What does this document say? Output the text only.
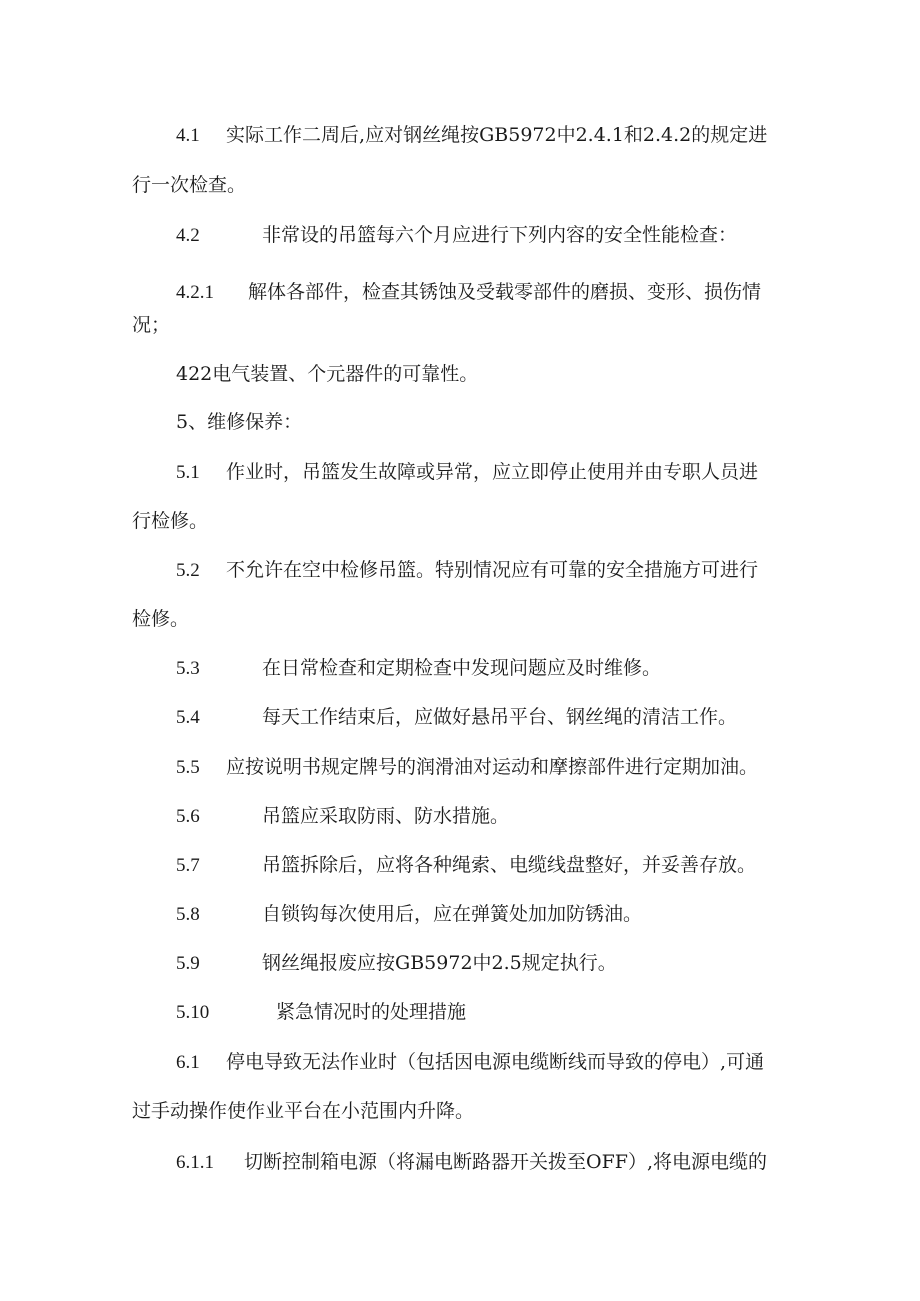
4.1 实际工作二周后,应对钢丝绳按GB5972中2.4.1和2.4.2的规定进
行一次检查。
4.2	非常设的吊篮每六个月应进行下列内容的安全性能检查：
4.2.1 解体各部件，检查其锈蚀及受载零部件的磨损、变形、损伤情
况；
422电气装置、个元器件的可靠性。
5、维修保养：
5.1 作业时，吊篮发生故障或异常，应立即停止使用并由专职人员进
行检修。
5.2 不允许在空中检修吊篮。特别情况应有可靠的安全措施方可进行
检修。
5.3	在日常检查和定期检查中发现问题应及时维修。
5.4	每天工作结束后，应做好悬吊平台、钢丝绳的清洁工作。
5.5 应按说明书规定牌号的润滑油对运动和摩擦部件进行定期加油。
5.6	吊篮应采取防雨、防水措施。
5.7	吊篮拆除后，应将各种绳索、电缆线盘整好，并妥善存放。
5.8	自锁钩每次使用后，应在弹簧处加加防锈油。
5.9	钢丝绳报废应按GB5972中2.5规定执行。
5.10	紧急情况时的处理措施
6.1 停电导致无法作业时（包括因电源电缆断线而导致的停电）,可通
过手动操作使作业平台在小范围内升降。
6.1.1 切断控制箱电源（将漏电断路器开关拨至OFF）,将电源电缆的
